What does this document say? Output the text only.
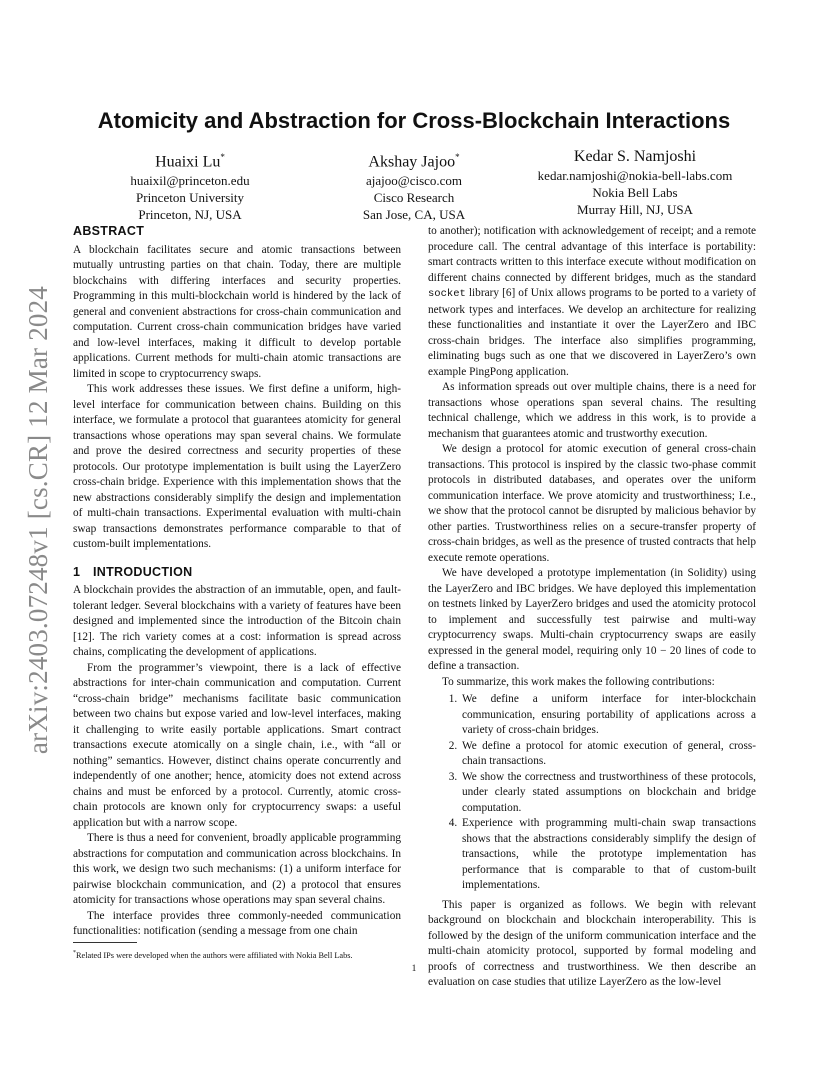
arXiv:2403.07248v1 [cs.CR] 12 Mar 2024
Atomicity and Abstraction for Cross-Blockchain Interactions
Huaixi Lu*
huaixil@princeton.edu
Princeton University
Princeton, NJ, USA
Akshay Jajoo*
ajajoo@cisco.com
Cisco Research
San Jose, CA, USA
Kedar S. Namjoshi
kedar.namjoshi@nokia-bell-labs.com
Nokia Bell Labs
Murray Hill, NJ, USA
ABSTRACT

A blockchain facilitates secure and atomic transactions between mutually untrusting parties on that chain. Today, there are multiple blockchains with differing interfaces and security properties. Programming in this multi-blockchain world is hindered by the lack of general and convenient abstractions for cross-chain communication and computation. Current cross-chain communication bridges have varied and low-level interfaces, making it difficult to develop portable applications. Current methods for multi-chain atomic transactions are limited in scope to cryptocurrency swaps.

This work addresses these issues. We first define a uniform, high-level interface for communication between chains. Building on this interface, we formulate a protocol that guarantees atomicity for general transactions whose operations may span several chains. We formulate and prove the desired correctness and security properties of these protocols. Our prototype implementation is built using the LayerZero cross-chain bridge. Experience with this implementation shows that the new abstractions considerably simplify the design and implementation of multi-chain transactions. Experimental evaluation with multi-chain swap transactions demonstrates performance comparable to that of custom-built implementations.

1 INTRODUCTION

A blockchain provides the abstraction of an immutable, open, and fault-tolerant ledger. Several blockchains with a variety of features have been designed and implemented since the introduction of the Bitcoin chain [12]. The rich variety comes at a cost: information is spread across chains, complicating the development of applications.

From the programmer’s viewpoint, there is a lack of effective abstractions for inter-chain communication and computation. Current “cross-chain bridge” mechanisms facilitate basic communication between two chains but expose varied and low-level interfaces, making it challenging to write easily portable applications. Smart contract transactions execute atomically on a single chain, i.e., with “all or nothing” semantics. However, distinct chains operate concurrently and independently of one another; hence, atomicity does not extend across chains and must be enforced by a protocol. Currently, atomic cross-chain protocols are known only for cryptocurrency swaps: a useful application but with a narrow scope.

There is thus a need for convenient, broadly applicable programming abstractions for computation and communication across blockchains. In this work, we design two such mechanisms: (1) a uniform interface for pairwise blockchain communication, and (2) a protocol that ensures atomicity for transactions whose operations may span several chains.

The interface provides three commonly-needed communication functionalities: notification (sending a message from one chain

to another); notification with acknowledgement of receipt; and a remote procedure call. The central advantage of this interface is portability: smart contracts written to this interface execute without modification on different chains connected by different bridges, much as the standard socket library [6] of Unix allows programs to be ported to a variety of network types and interfaces. We develop an architecture for realizing these functionalities and instantiate it over the LayerZero and IBC cross-chain bridges. The interface also simplifies programming, eliminating bugs such as one that we discovered in LayerZero’s own example PingPong application.

As information spreads out over multiple chains, there is a need for transactions whose operations span several chains. The resulting technical challenge, which we address in this work, is to provide a mechanism that guarantees atomic and trustworthy execution.

We design a protocol for atomic execution of general cross-chain transactions. This protocol is inspired by the classic two-phase commit protocols in distributed databases, and operates over the uniform communication interface. We prove atomicity and trustworthiness; I.e., we show that the protocol cannot be disrupted by malicious behavior by other parties. Trustworthiness relies on a secure-transfer property of cross-chain bridges, as well as the presence of trusted contracts that help execute remote operations.

We have developed a prototype implementation (in Solidity) using the LayerZero and IBC bridges. We have deployed this implementation on testnets linked by LayerZero bridges and used the atomicity protocol to implement and successfully test pairwise and multi-way cryptocurrency swaps. Multi-chain cryptocurrency swaps are easily expressed in the general model, requiring only 10 − 20 lines of code to define a transaction.

To summarize, this work makes the following contributions:

1. We define a uniform interface for inter-blockchain communication, ensuring portability of applications across a variety of cross-chain bridges.
2. We define a protocol for atomic execution of general, cross-chain transactions.
3. We show the correctness and trustworthiness of these protocols, under clearly stated assumptions on blockchain and bridge computation.
4. Experience with programming multi-chain swap transactions shows that the abstractions considerably simplify the design of transactions, while the prototype implementation has performance that is comparable to that of custom-built implementations.

This paper is organized as follows. We begin with relevant background on blockchain and blockchain interoperability. This is followed by the design of the uniform communication interface and the multi-chain atomicity protocol, supported by formal modeling and proofs of correctness and trustworthiness. We then describe an evaluation on case studies that utilize LayerZero as the low-level

*Related IPs were developed when the authors were affiliated with Nokia Bell Labs.
1
